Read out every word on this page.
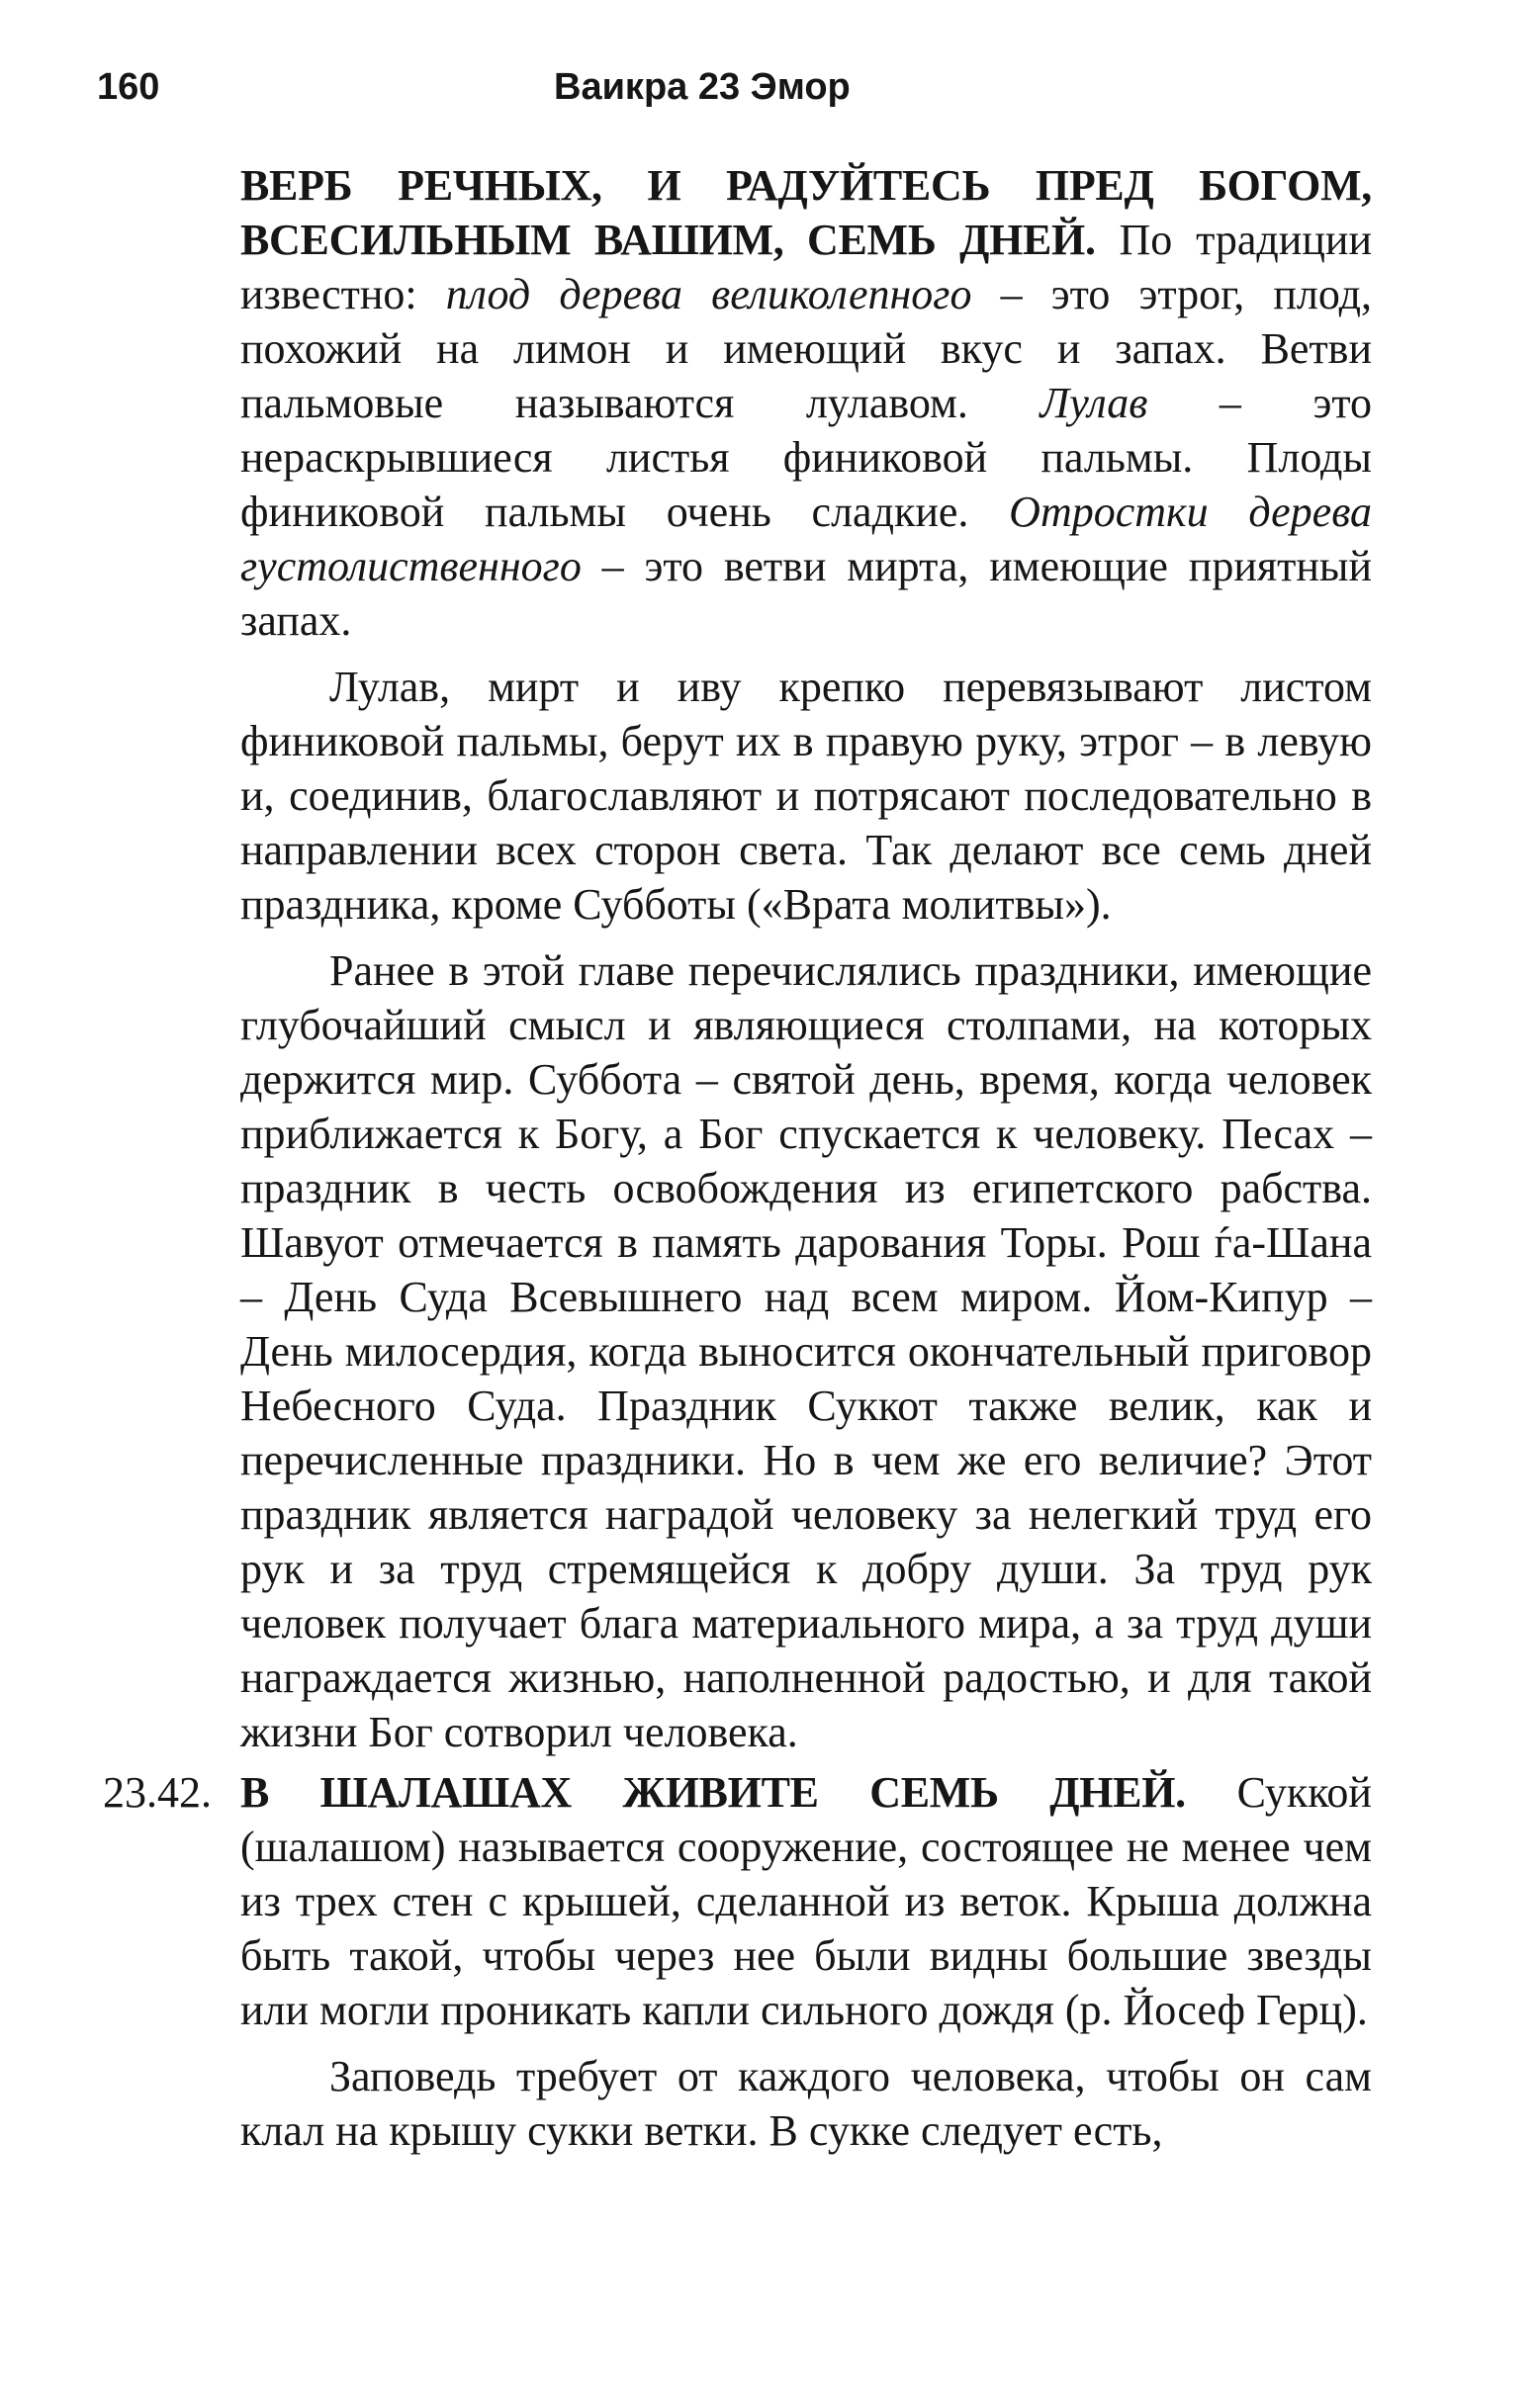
160	Ваикра 23 Эмор

ВЕРБ РЕЧНЫХ, И РАДУЙТЕСЬ ПРЕД БОГОМ, ВСЕСИЛЬНЫМ ВАШИМ, СЕМЬ ДНЕЙ. По традиции известно: плод дерева великолепного – это этрог, плод, похожий на лимон и имеющий вкус и запах. Ветви пальмовые называются лулавом. Лулав – это нераскрывшиеся листья финиковой пальмы. Плоды финиковой пальмы очень сладкие. Отростки дерева густолиственного – это ветви мирта, имеющие приятный запах.

Лулав, мирт и иву крепко перевязывают листом финиковой пальмы, берут их в правую руку, этрог – в левую и, соединив, благославляют и потрясают последовательно в направлении всех сторон света. Так делают все семь дней праздника, кроме Субботы («Врата молитвы»).

Ранее в этой главе перечислялись праздники, имеющие глубочайший смысл и являющиеся столпами, на которых держится мир. Суббота – святой день, время, когда человек приближается к Богу, а Бог спускается к человеку. Песах – праздник в честь освобождения из египетского рабства. Шавуот отмечается в память дарования Торы. Рош ѓа-Шана – День Суда Всевышнего над всем миром. Йом-Кипур – День милосердия, когда выносится окончательный приговор Небесного Суда. Праздник Суккот также велик, как и перечисленные праздники. Но в чем же его величие? Этот праздник является наградой человеку за нелегкий труд его рук и за труд стремящейся к добру души. За труд рук человек получает блага материального мира, а за труд души награждается жизнью, наполненной радостью, и для такой жизни Бог сотворил человека.

23.42. В ШАЛАШАХ ЖИВИТЕ СЕМЬ ДНЕЙ. Суккой (шалашом) называется сооружение, состоящее не менее чем из трех стен с крышей, сделанной из веток. Крыша должна быть такой, чтобы через нее были видны большие звезды или могли проникать капли сильного дождя (р. Йосеф Герц).

Заповедь требует от каждого человека, чтобы он сам клал на крышу сукки ветки. В сукке следует есть,
